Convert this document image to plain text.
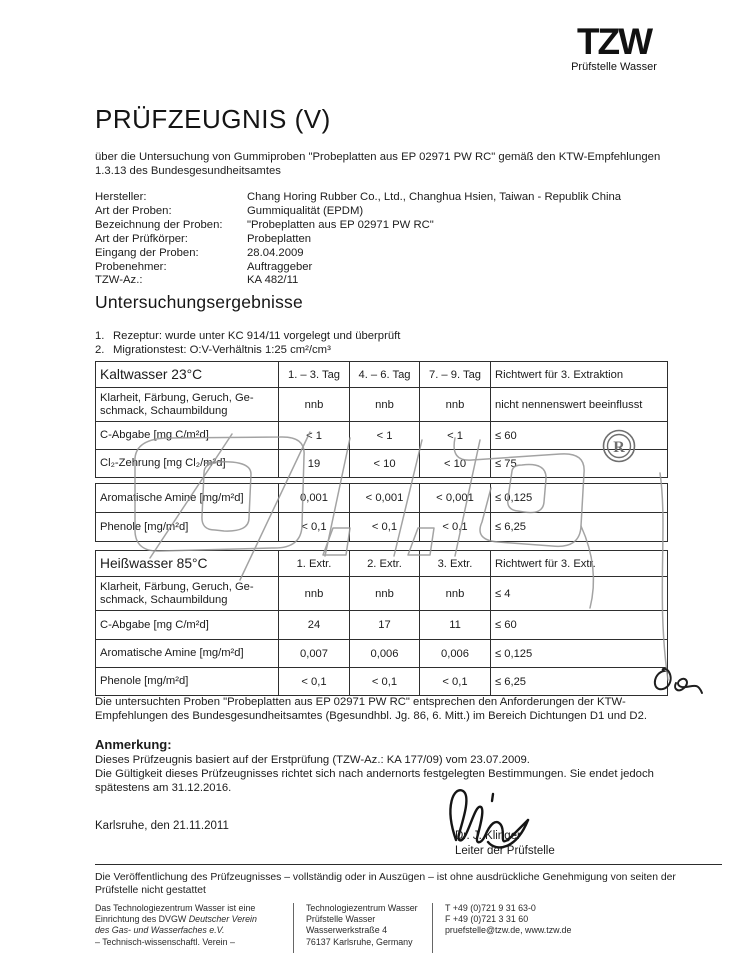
TZW
Prüfstelle Wasser
PRÜFZEUGNIS (V)
über die Untersuchung von Gummiproben "Probeplatten aus EP 02971 PW RC" gemäß den KTW-Empfehlungen 1.3.13 des Bundesgesundheitsamtes
Hersteller:	Chang Horing Rubber Co., Ltd., Changhua Hsien, Taiwan - Republik China
Art der Proben:	Gummiqualität (EPDM)
Bezeichnung der Proben:	"Probeplatten aus EP 02971 PW RC"
Art der Prüfkörper:	Probeplatten
Eingang der Proben:	28.04.2009
Probenehmer:	Auftraggeber
TZW-Az.:	KA 482/11
Untersuchungsergebnisse
1. Rezeptur: wurde unter KC 914/11 vorgelegt und überprüft
2. Migrationstest: O:V-Verhältnis 1:25 cm²/cm³
Kaltwasser 23°C	1. – 3. Tag	4. – 6. Tag	7. – 9. Tag	Richtwert für 3. Extraktion
Klarheit, Färbung, Geruch, Geschmack, Schaumbildung	nnb	nnb	nnb	nicht nennenswert beeinflusst
C-Abgabe [mg C/m²d]	< 1	< 1	< 1	≤ 60
Cl₂-Zehrung [mg Cl₂/m²d]	19	< 10	< 10	≤ 75
Aromatische Amine [mg/m²d]	0,001	< 0,001	< 0,001	≤ 0,125
Phenole [mg/m²d]	< 0,1	< 0,1	< 0,1	≤ 6,25
Heißwasser 85°C	1. Extr.	2. Extr.	3. Extr.	Richtwert für 3. Extr.
Klarheit, Färbung, Geruch, Geschmack, Schaumbildung	nnb	nnb	nnb	≤ 4
C-Abgabe [mg C/m²d]	24	17	11	≤ 60
Aromatische Amine [mg/m²d]	0,007	0,006	0,006	≤ 0,125
Phenole [mg/m²d]	< 0,1	< 0,1	< 0,1	≤ 6,25
R
Die untersuchten Proben "Probeplatten aus EP 02971 PW RC" entsprechen den Anforderungen der KTW-Empfehlungen des Bundesgesundheitsamtes (Bgesundhbl. Jg. 86, 6. Mitt.) im Bereich Dichtungen D1 und D2.
Anmerkung:
Dieses Prüfzeugnis basiert auf der Erstprüfung (TZW-Az.: KA 177/09) vom 23.07.2009.
Die Gültigkeit dieses Prüfzeugnisses richtet sich nach andernorts festgelegten Bestimmungen. Sie endet jedoch spätestens am 31.12.2016.
Karlsruhe, den 21.11.2011
Dr. J. Klinger
Leiter der Prüfstelle
Die Veröffentlichung des Prüfzeugnisses – vollständig oder in Auszügen – ist ohne ausdrückliche Genehmigung von seiten der Prüfstelle nicht gestattet
Das Technologiezentrum Wasser ist eine
Einrichtung des DVGW Deutscher Verein
des Gas- und Wasserfaches e.V.
– Technisch-wissenschaftl. Verein –
Technologiezentrum Wasser
Prüfstelle Wasser
Wasserwerkstraße 4
76137 Karlsruhe, Germany
T +49 (0)721 9 31 63-0
F +49 (0)721 3 31 60
pruefstelle@tzw.de, www.tzw.de
